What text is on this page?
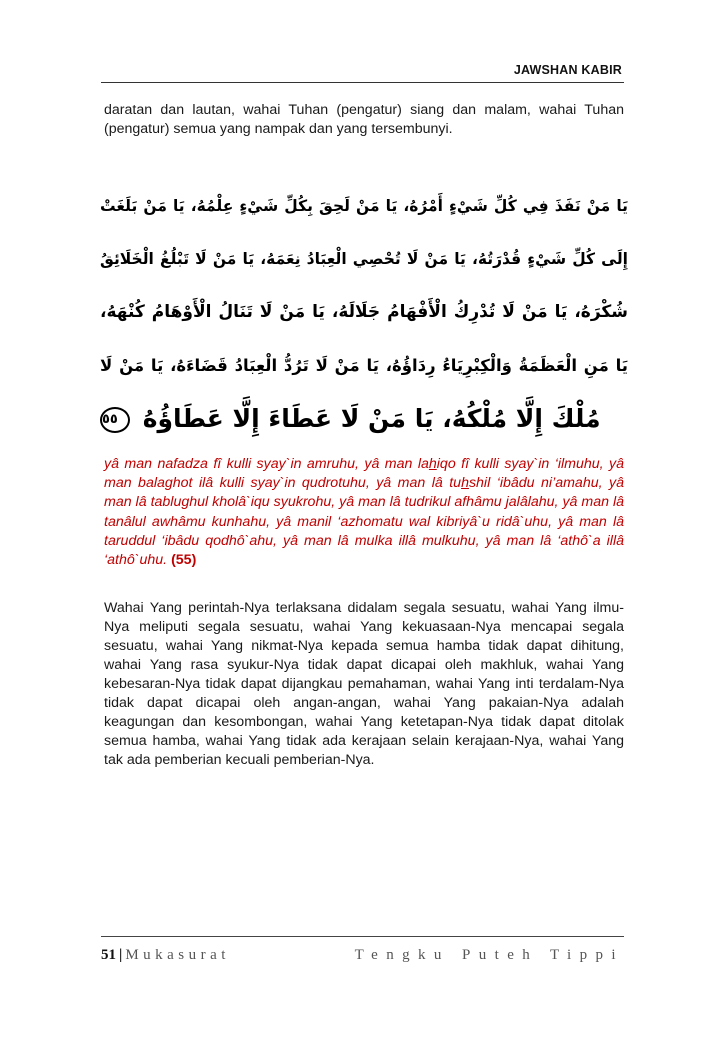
JAWSHAN KABIR

daratan dan lautan, wahai Tuhan (pengatur) siang dan malam, wahai Tuhan (pengatur) semua yang nampak dan yang tersembunyi.

يَا مَنْ نَفَذَ فِي كُلِّ شَيْءٍ أَمْرُهُ، يَا مَنْ لَحِقَ بِكُلِّ شَيْءٍ عِلْمُهُ، يَا مَنْ بَلَغَتْ
إِلَى كُلِّ شَيْءٍ قُدْرَتُهُ، يَا مَنْ لَا تُحْصِي الْعِبَادُ نِعَمَهُ، يَا مَنْ لَا تَبْلُغُ الْخَلَائِقُ
شُكْرَهُ، يَا مَنْ لَا تُدْرِكُ الْأَفْهَامُ جَلَالَهُ، يَا مَنْ لَا تَنَالُ الْأَوْهَامُ كُنْهَهُ،
يَا مَنِ الْعَظَمَةُ وَالْكِبْرِيَاءُ رِدَاؤُهُ، يَا مَنْ لَا تَرُدُّ الْعِبَادُ قَضَاءَهُ، يَا مَنْ لَا
مُلْكَ إِلَّا مُلْكُهُ، يَا مَنْ لَا عَطَاءَ إِلَّا عَطَاؤُهُ ٥٥

yâ man nafadza fî kulli syay`in amruhu, yâ man lahiqo fî kulli syay`in ‘ilmuhu, yâ man balaghot ilâ kulli syay`in qudrotuhu, yâ man lâ tuhshil ‘ibâdu ni’amahu, yâ man lâ tablughul kholâ`iqu syukrohu, yâ man lâ tudrikul afhâmu jalâlahu, yâ man lâ tanâlul awhâmu kunhahu, yâ manil ‘azhomatu wal kibriyâ`u ridâ`uhu, yâ man lâ taruddul ‘ibâdu qodhô`ahu, yâ man lâ mulka illâ mulkuhu, yâ man lâ ‘athô`a illâ ‘athô`uhu. (55)

Wahai Yang perintah-Nya terlaksana didalam segala sesuatu, wahai Yang ilmu-Nya meliputi segala sesuatu, wahai Yang kekuasaan-Nya mencapai segala sesuatu, wahai Yang nikmat-Nya kepada semua hamba tidak dapat dihitung, wahai Yang rasa syukur-Nya tidak dapat dicapai oleh makhluk, wahai Yang kebesaran-Nya tidak dapat dijangkau pemahaman, wahai Yang inti terdalam-Nya tidak dapat dicapai oleh angan-angan, wahai Yang pakaian-Nya adalah keagungan dan kesombongan, wahai Yang ketetapan-Nya tidak dapat ditolak semua hamba, wahai Yang tidak ada kerajaan selain kerajaan-Nya, wahai Yang tak ada pemberian kecuali pemberian-Nya.

51 | Mukasurat	Tengku Puteh Tippi
